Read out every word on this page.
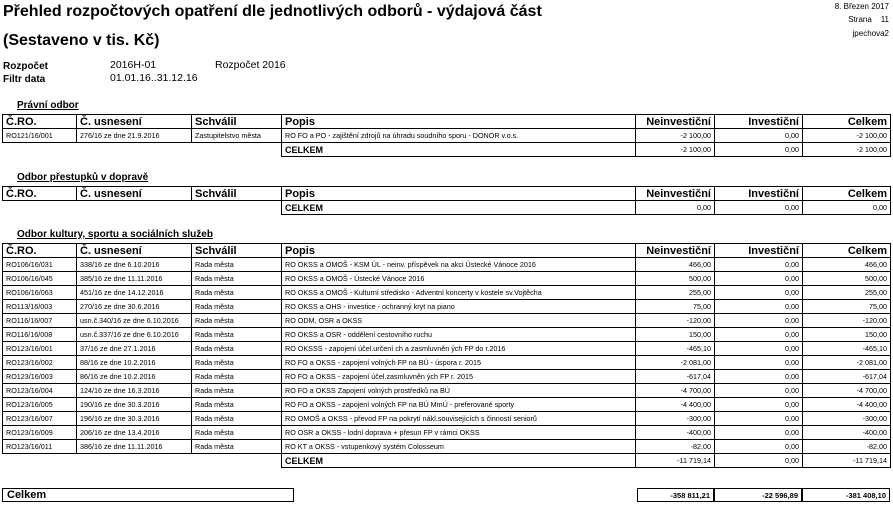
Přehled rozpočtových opatření dle jednotlivých odborů - výdajová část
(Sestaveno v tis. Kč)
8. Březen 2017
Strana 11
jpechova2
Rozpočet	2016H-01	Rozpočet 2016
Filtr data	01.01.16..31.12.16
Právní odbor
Č.RO.	Č. usnesení	Schválil	Popis	Neinvestiční	Investiční	Celkem
RO121/16/001	276/16 ze dne 21.9.2016	Zastupitelstvo města	RO FO a PO - zajištění zdrojů na úhradu soudního sporu - DONOR v.o.s.	-2 100,00	0,00	-2 100,00
			CELKEM	-2 100,00	0,00	-2 100,00
Odbor přestupků v dopravě
Č.RO.	Č. usnesení	Schválil	Popis	Neinvestiční	Investiční	Celkem
			CELKEM	0,00	0,00	0,00
Odbor kultury, sportu a sociálních služeb
Č.RO.	Č. usnesení	Schválil	Popis	Neinvestiční	Investiční	Celkem
RO106/16/031	338/16 ze dne 6.10.2016	Rada města	RO OKSS a OMOŠ - KSM ÚL - neinv. příspěvek na akci Ústecké Vánoce 2016	466,00	0,00	466,00
RO106/16/045	385/16 ze dne 11.11.2016	Rada města	RO OKSS a OMOŠ - Ústecké Vánoce 2016	500,00	0,00	500,00
RO106/16/063	451/16 ze dne 14.12.2016	Rada města	RO OKSS a OMOŠ - Kulturní středisko - Adventní koncerty v kostele sv.Vojtěcha	255,00	0,00	255,00
RO113/16/003	270/16 ze dne 30.6.2016	Rada města	RO OKSS a OHS - investice - ochranný kryt na piano	75,00	0,00	75,00
RO116/16/007	usn.č.340/16 ze dne 6.10.2016	Rada města	RO ODM, OSR a OKSS	-120,00	0,00	-120,00
RO116/16/008	usn.č.337/16 ze dne 6.10.2016	Rada města	RO OKSS a OSR - oddělení cestovního ruchu	150,00	0,00	150,00
RO123/16/001	37/16 ze dne 27.1.2016	Rada města	RO OKSSS - zapojení účel.určení ch a zasmluvněn ých FP do r.2016	-465,10	0,00	-465,10
RO123/16/002	88/16 ze dne 10.2.2016	Rada města	RO FO a OKSS - zapojení volných FP na BÚ - úspora r. 2015	-2 081,00	0,00	-2 081,00
RO123/16/003	86/16 ze dne 10.2.2016	Rada města	RO FO a OKSS - zapojení účel.zasmluvněn ých FP r. 2015	-617,04	0,00	-617,04
RO123/16/004	124/16 ze dne 16.3.2016	Rada města	RO FO a OKSS Zapojení volných prostředků na BÚ	-4 700,00	0,00	-4 700,00
RO123/16/005	190/16 ze dne 30.3.2016	Rada města	RO FO a OKSS - zapojení volných FP na BÚ MmÚ - preferované sporty	-4 400,00	0,00	-4 400,00
RO123/16/007	196/16 ze dne 30.3.2016	Rada města	RO OMOŠ a OKSS - převod FP na pokrytí nákl.souvisejících s činností seniorů	-300,00	0,00	-300,00
RO123/16/009	206/16 ze dne 13.4.2016	Rada města	RO OSR a OKSS - lodní doprava + přesun FP v rámci OKSS	-400,00	0,00	-400,00
RO123/16/011	386/16 ze dne 11.11.2016	Rada města	RO KT a OKSS - vstupenkový systém Colosseum	-82,00	0,00	-82,00
			CELKEM	-11 719,14	0,00	-11 719,14
Celkem	-358 811,21	-22 596,89	-381 408,10
